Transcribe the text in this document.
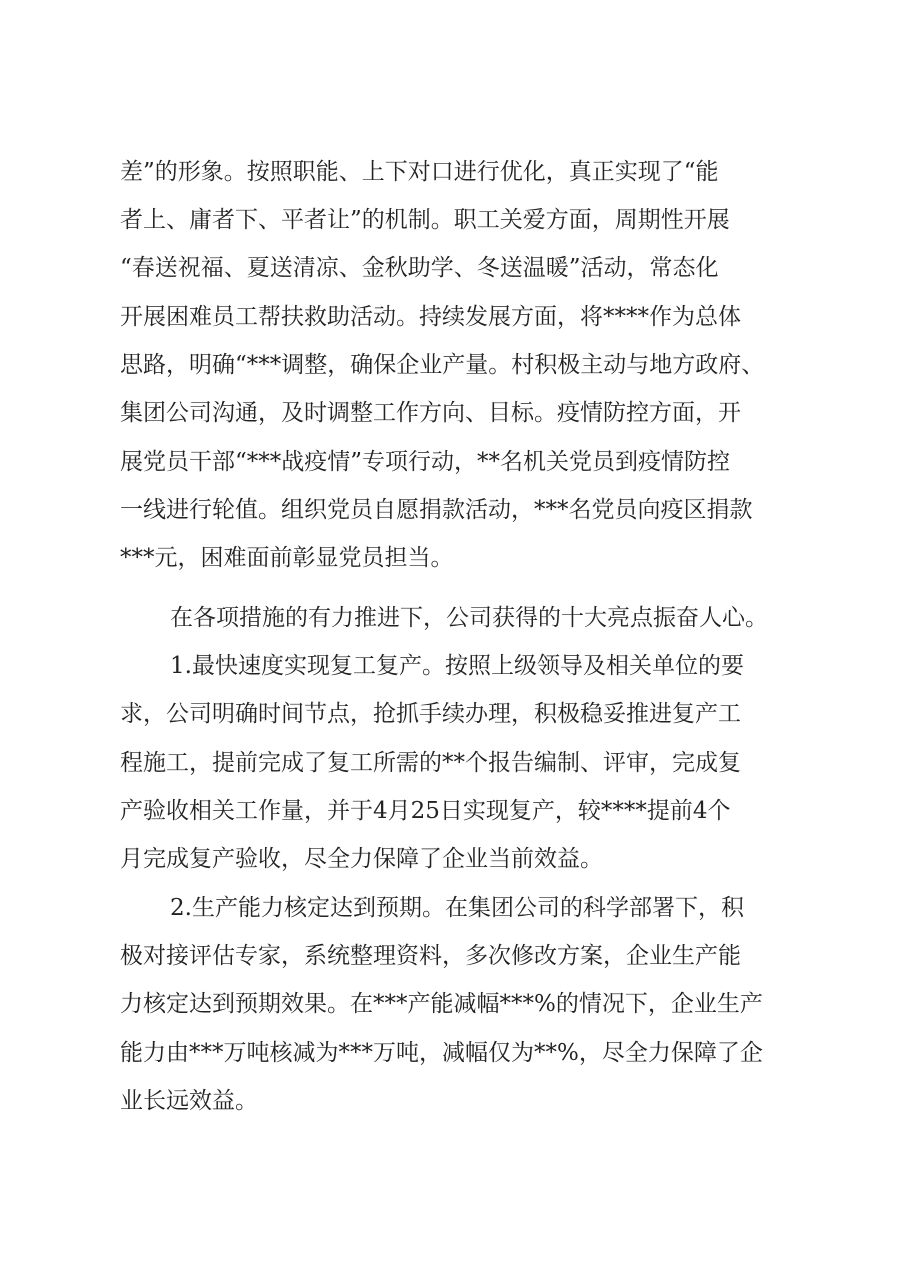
差”的形象。按照职能、上下对口进行优化，真正实现了“能
者上、庸者下、平者让”的机制。职工关爱方面，周期性开展
“春送祝福、夏送清凉、金秋助学、冬送温暖”活动，常态化
开展困难员工帮扶救助活动。持续发展方面，将****作为总体
思路，明确“***调整，确保企业产量。村积极主动与地方政府、
集团公司沟通，及时调整工作方向、目标。疫情防控方面，开
展党员干部“***战疫情”专项行动，**名机关党员到疫情防控
一线进行轮值。组织党员自愿捐款活动，***名党员向疫区捐款
***元，困难面前彰显党员担当。
在各项措施的有力推进下，公司获得的十大亮点振奋人心。
1.最快速度实现复工复产。按照上级领导及相关单位的要
求，公司明确时间节点，抢抓手续办理，积极稳妥推进复产工
程施工，提前完成了复工所需的**个报告编制、评审，完成复
产验收相关工作量，并于4月25日实现复产，较****提前4个
月完成复产验收，尽全力保障了企业当前效益。
2.生产能力核定达到预期。在集团公司的科学部署下，积
极对接评估专家，系统整理资料，多次修改方案，企业生产能
力核定达到预期效果。在***产能减幅***%的情况下，企业生产
能力由***万吨核减为***万吨，减幅仅为**%，尽全力保障了企
业长远效益。
